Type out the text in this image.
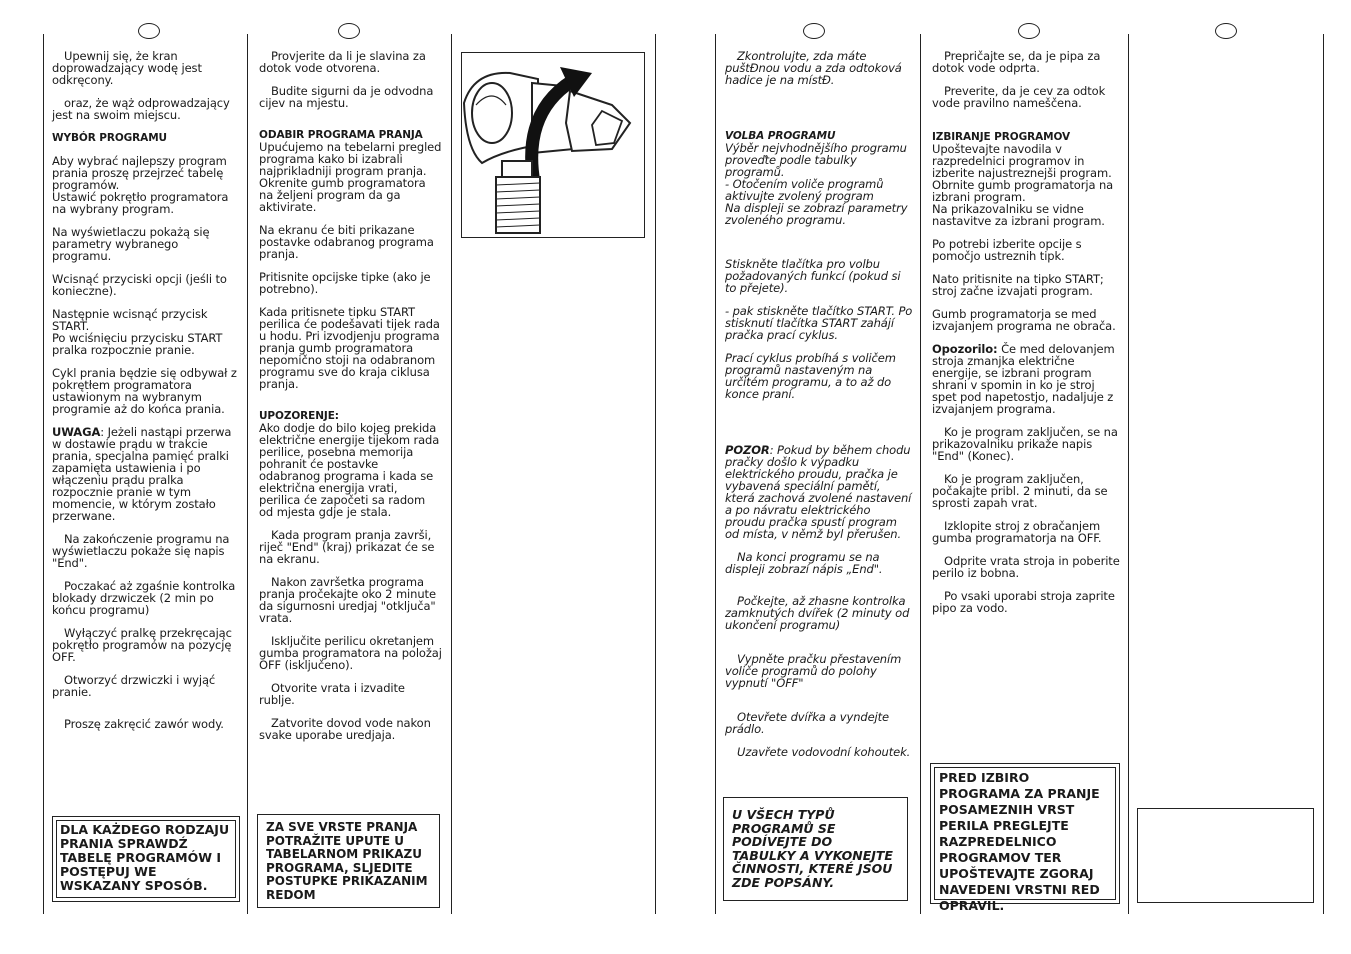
Upewnij się, że kran doprowadzający wodę jest odkręcony.

oraz, że wąż odprowadzający jest na swoim miejscu.

WYBÓR PROGRAMU

Aby wybrać najlepszy program prania proszę przejrzeć tabelę programów.
Ustawić pokrętło programatora na wybrany program.

Na wyświetlaczu pokażą się parametry wybranego programu.

Wcisnąć przyciski opcji (jeśli to konieczne).

Następnie wcisnąć przycisk START.
Po wciśnięciu przycisku START pralka rozpocznie pranie.

Cykl prania będzie się odbywał z pokrętłem programatora ustawionym na wybranym programie aż do końca prania.

UWAGA: Jeżeli nastąpi przerwa w dostawie prądu w trakcie prania, specjalna pamięć pralki zapamięta ustawienia i po włączeniu prądu pralka rozpocznie pranie w tym momencie, w którym zostało przerwane.

Na zakończenie programu na wyświetlaczu pokaże się napis "End".

Poczakać aż zgaśnie kontrolka blokady drzwiczek (2 min po końcu programu)

Wyłączyć pralkę przekręcając pokrętło programów na pozycję OFF.

Otworzyć drzwiczki i wyjąć pranie.

Proszę zakręcić zawór wody.

DLA KAŻDEGO RODZAJU PRANIA SPRAWDŹ TABELĘ PROGRAMÓW I POSTĘPUJ WE WSKAZANY SPOSÓB.

Provjerite da li je slavina za dotok vode otvorena.

Budite sigurni da je odvodna cijev na mjestu.

ODABIR PROGRAMA PRANJA
Upućujemo na tebelarni pregled programa kako bi izabrali najprikladniji program pranja. Okrenite gumb programatora na željeni program da ga aktivirate.

Na ekranu će biti prikazane postavke odabranog programa pranja.

Pritisnite opcijske tipke (ako je potrebno).

Kada pritisnete tipku START perilica će podešavati tijek rada u hodu. Pri izvodjenju programa pranja gumb programatora nepomično stoji na odabranom programu sve do kraja ciklusa pranja.

UPOZORENJE:
Ako dodje do bilo kojeg prekida električne energije tijekom rada perilice, posebna memorija pohranit će postavke odabranog programa i kada se električna energija vrati, perilica će započeti sa radom od mjesta gdje je stala.

Kada program pranja završi, riječ "End" (kraj) prikazat će se na ekranu.

Nakon završetka programa pranja pročekajte oko 2 minute da sigurnosni uredjaj "otključa" vrata.

Isključite perilicu okretanjem gumba programatora na položaj OFF (isključeno).

Otvorite vrata i izvadite rublje.

Zatvorite dovod vode nakon svake uporabe uredjaja.

ZA SVE VRSTE PRANJA POTRAŽITE UPUTE U TABELARNOM PRIKAZU PROGRAMA, SLJEDITE POSTUPKE PRIKAZANIM REDOM

Zkontrolujte, zda máte puštĐnou vodu a zda odtoková hadice je na místĐ.

VOLBA PROGRAMU
Výběr nejvhodnějšího programu proveďte podle tabulky programů.
- Otočením voliče programů aktivujte zvolený program
Na displeji se zobrazí parametry zvoleného programu.

Stiskněte tlačítka pro volbu požadovaných funkcí (pokud si to přejete).

- pak stiskněte tlačítko START. Po stisknutí tlačítka START zahájí pračka prací cyklus.

Prací cyklus probíhá s voličem programů nastaveným na určitém programu, a to až do konce praní.

POZOR: Pokud by během chodu pračky došlo k výpadku elektrického proudu, pračka je vybavená speciální pamětí, která zachová zvolené nastavení a po návratu elektrického proudu pračka spustí program od místa, v němž byl přerušen.

Na konci programu se na displeji zobrazí nápis „End".

Počkejte, až zhasne kontrolka zamknutých dvířek (2 minuty od ukončení programu)

Vypněte pračku přestavením voliče programů do polohy vypnutí "OFF"

Otevřete dvířka a vyndejte prádlo.

Uzavřete vodovodní kohoutek.

U VŠECH TYPŮ PROGRAMŮ SE PODÍVEJTE DO TABULKY A VYKONEJTE ČINNOSTI, KTERÉ JSOU ZDE POPSÁNY.

Prepričajte se, da je pipa za dotok vode odprta.

Preverite, da je cev za odtok vode pravilno nameščena.

IZBIRANJE PROGRAMOV
Upoštevajte navodila v razpredelnici programov in izberite najustreznejši program. Obrnite gumb programatorja na izbrani program.
Na prikazovalniku se vidne nastavitve za izbrani program.

Po potrebi izberite opcije s pomočjo ustreznih tipk.

Nato pritisnite na tipko START; stroj začne izvajati program.

Gumb programatorja se med izvajanjem programa ne obrača.

Opozorilo: Če med delovanjem stroja zmanjka električne energije, se izbrani program shrani v spomin in ko je stroj spet pod napetostjo, nadaljuje z izvajanjem programa.

Ko je program zaključen, se na prikazovalniku prikaže napis "End" (Konec).

Ko je program zaključen, počakajte pribl. 2 minuti, da se sprosti zapah vrat.

Izklopite stroj z obračanjem gumba programatorja na OFF.

Odprite vrata stroja in poberite perilo iz bobna.

Po vsaki uporabi stroja zaprite pipo za vodo.

PRED IZBIRO PROGRAMA ZA PRANJE POSAMEZNIH VRST PERILA PREGLEJTE RAZPREDELNICO PROGRAMOV TER UPOŠTEVAJTE ZGORAJ NAVEDENI VRSTNI RED OPRAVIL.
